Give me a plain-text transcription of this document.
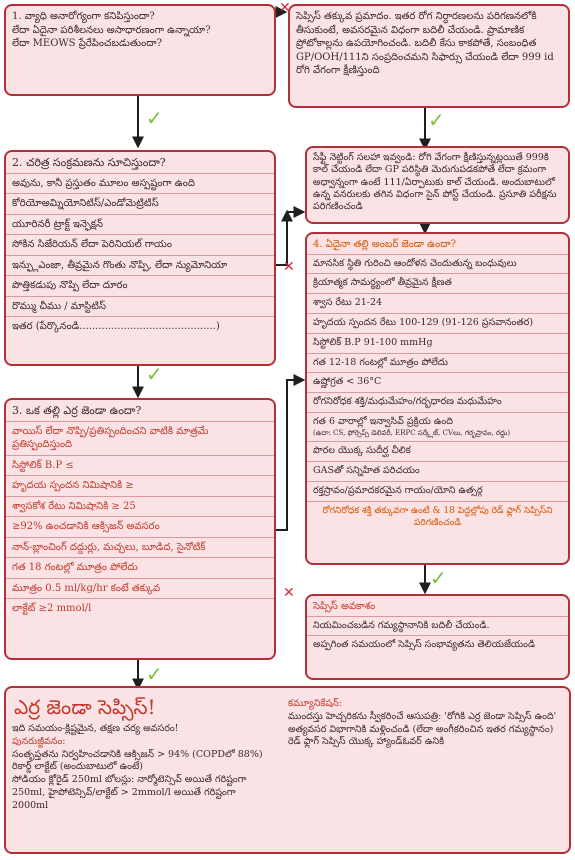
1. వ్యాధి అనారోగ్యంగా కనిపిస్తుందా?
లేదా ఏదైనా పరిశీలనలు అసాధారణంగా ఉన్నాయా?
లేదా MEOWS ప్రేరేపించబడుతుందా?
సెప్సిస్ తక్కువ ప్రమాదం. ఇతర రోగ నిర్ధారణలను పరిగణనలోకి తీసుకుంటే, అవసరమైన విధంగా బదిలీ చేయండి. ప్రామాణిక ప్రోటోకాల్లను ఉపయోగించండి. బదిలీ కేసు కాకపోతే, సంబంధిత GP/OOH/111ని సంప్రదించమని సిఫార్సు చేయండి లేదా 999 id రోగి వేగంగా క్షీణిస్తుంది
సేఫ్టీ నెట్టింగ్ సలహా ఇవ్వండి: రోగి వేగంగా క్షీణిస్తున్నట్లయితే 999కి కాల్ చేయండి లేదా GP పరిస్థితి మెరుగుపడకపోతే లేదా క్రమంగా అధ్వాన్నంగా ఉంటే 111/ఏర్పాటుకు కాల్ చేయండి. అందుబాటులో ఉన్న వనరులకు తగిన విధంగా సైన్ పోస్ట్ చేయండి. ప్రసూతి పరీక్షను పరిగణించండి
2. చరిత్ర సంక్రమణను సూచిస్తుందా?
అవును, కానీ ప్రస్తుతం మూలం అస్పష్టంగా ఉంది
కోరియోఅమ్నియోనిటిస్/ఎండోమెట్రిటిస్
యూరినరీ ట్రాక్ట్ ఇన్ఫెక్షన్
సోకిన సిజేరియన్ లేదా పెరినియల్ గాయం
ఇన్ఫ్లుఎంజా, తీవ్రమైన గొంతు నొప్పి, లేదా న్యుమోనియా
పొత్తికడుపు నొప్పి లేదా దూరం
రొమ్ము చీము / మాస్టిటిస్
ఇతర (పేర్కొనండి...........................................)
3. ఒక తల్లి ఎర్ర జెండా ఉందా?
వాయిస్ లేదా నొప్పి/ప్రతిస్పందించని వాటికి మాత్రమే ప్రతిస్పందిస్తుంది
సిస్టోలిక్ B.P ≤
హృదయ స్పందన నిమిషానికి ≥
శ్వాసకోశ రేటు నిమిషానికి ≥ 25
≥92% ఉంచడానికి ఆక్సిజన్ అవసరం
నాన్-బ్లాంచింగ్ దద్దుర్లు, మచ్చలు, బూడిద, సైనోటిక్
గత 18 గంటల్లో మూత్రం పోలేదు
మూత్రం 0.5 ml/kg/hr కంటే తక్కువ
లాక్టేట్ ≥2 mmol/l
4. ఏదైనా తల్లి అంబర్ జెండా ఉందా?
మానసిక స్థితి గురించి ఆందోళన చెందుతున్న బంధువులు
క్రియాత్మక సామర్థ్యంలో తీవ్రమైన క్షీణత
శ్వాస రేటు 21-24
హృదయ స్పందన రేటు 100-129 (91-126 ప్రసవానంతర)
సిస్టోలిక్ B.P 91-100 mmHg
గత 12-18 గంటల్లో మూత్రం పోలేదు
ఉష్ణోగ్రత < 36°C
రోగనిరోధక శక్తి/మధుమేహం/గర్భధారణ మధుమేహం
గత 6 వారాల్లో ఇన్వాసివ్ ప్రక్రియ ఉంది
(ఉదా: CS, ఫోర్సెప్స్ డెలివరీ, ERPC సర్క్లేజ్, CVలు, గర్భస్రావం, రద్దు)
పొరల యొక్క సుదీర్ఘ చీలిక
GASతో సన్నిహిత పరిచయం
రక్తస్రావం/ప్రమాదకరమైన గాయం/యోని ఉత్సర్గ
రోగనిరోధక శక్తి తక్కువగా ఉంటే & 18 పెద్దల్లోపు రెడ్ ఫ్లాగ్ సెప్సిస్‌ని పరిగణించండి
సెప్సిస్ అవకాశం
నియమించబడిన గమ్యస్థానానికి బదిలీ చేయండి.
అప్పగింత సమయంలో సెప్సిస్ సంభావ్యతను తెలియజేయండి
ఎర్ర జెండా సెప్సిస్!
ఇది సమయం-క్లిష్టమైన, తక్షణ చర్య అవసరం!
పునరుజ్జీవనం:
సంతృప్తతను నిర్వహించడానికి ఆక్సిజన్ > 94% (COPDలో 88%)
రికార్డ్ లాక్టేట్ (అందుబాటులో ఉంటే)
సోడియం క్లోరైడ్ 250ml బోలస్లు: నార్మోటెన్సివ్ అయితే గరిష్టంగా 250ml, హైపోటెన్సివ్/లాక్టేట్ > 2mmol/l అయితే గరిష్టంగా 2000ml
కమ్యూనికేషన్:
ముందస్తు హెచ్చరికను స్వీకరించే ఆసుపత్రి: 'రోగికి ఎర్ర జెండా సెప్సిస్ ఉంది'
అత్యవసర విభాగానికి మళ్లించండి (లేదా అంగీకరించిన ఇతర గమ్యస్థానం)
రెడ్ ఫ్లాగ్ సెప్సిస్ యొక్క హ్యాండ్ఓవర్ ఉనికి
✕
✕
✕
✓
✓
✓
✓
✓
